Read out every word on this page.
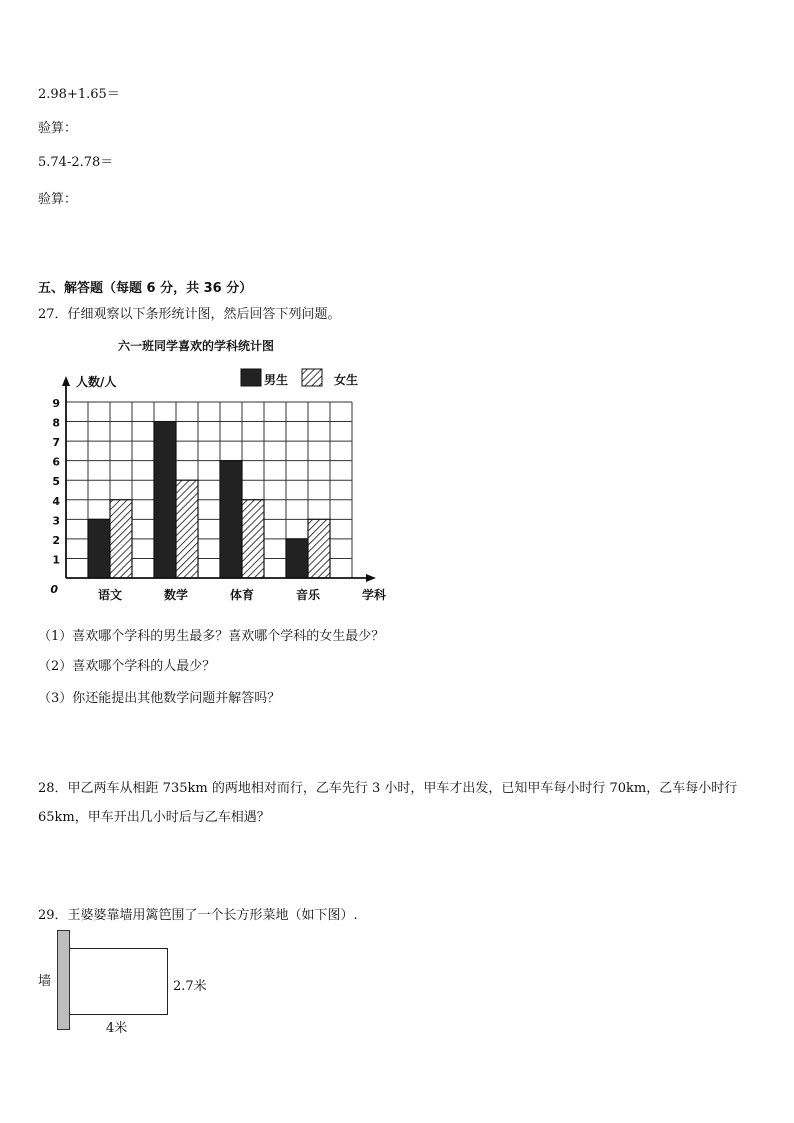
2.98+1.65＝
验算：
5.74-2.78＝
验算：
五、解答题（每题 6 分，共 36 分）
27．仔细观察以下条形统计图，然后回答下列问题。
六一班同学喜欢的学科统计图
人数/人	男生	女生
语文	数学	体育	音乐
1
2
3
4
5
6
7
8
9
0	学科
（1）喜欢哪个学科的男生最多？喜欢哪个学科的女生最少？
（2）喜欢哪个学科的人最少？
（3）你还能提出其他数学问题并解答吗？
28．甲乙两车从相距 735km 的两地相对而行，乙车先行 3 小时，甲车才出发，已知甲车每小时行 70km，乙车每小时行 65km，甲车开出几小时后与乙车相遇？
29．王婆婆靠墙用篱笆围了一个长方形菜地（如下图）.
墙	2.7米
4米
